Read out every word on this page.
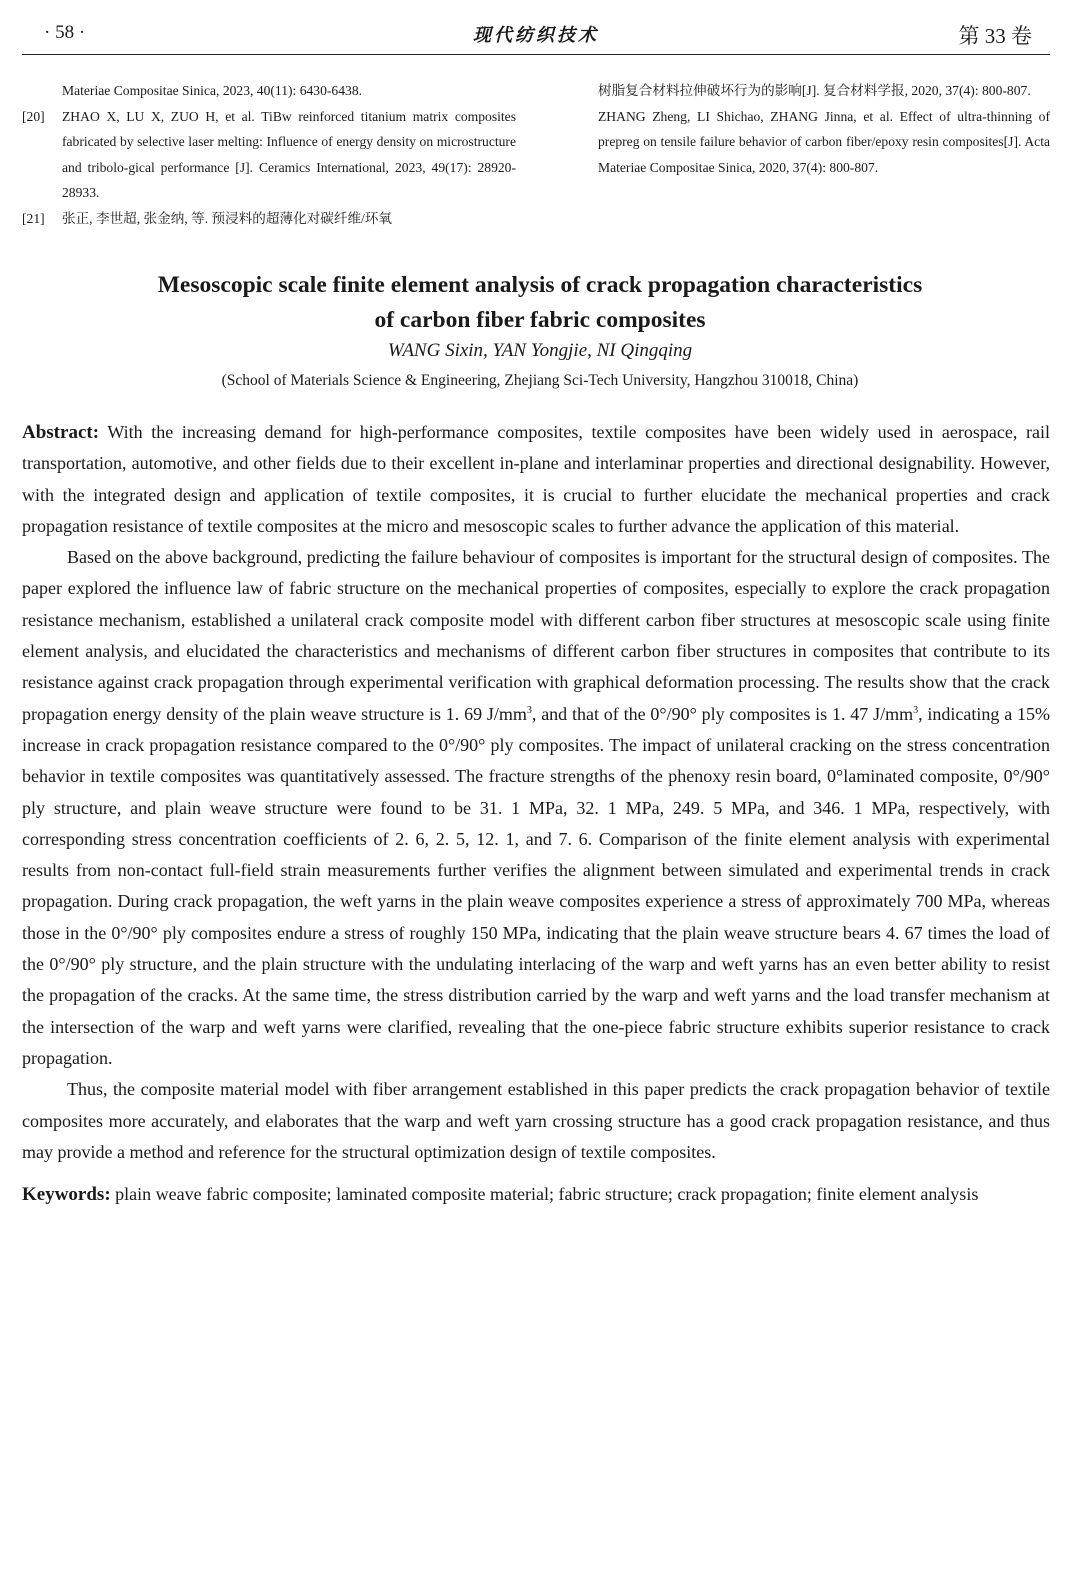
· 58 ·	现代纺织技术	第 33 卷
Materiae Compositae Sinica, 2023, 40(11): 6430-6438.
[20] ZHAO X, LU X, ZUO H, et al. TiBw reinforced titanium matrix composites fabricated by selective laser melting: Influence of energy density on microstructure and tribolo-gical performance [J]. Ceramics International, 2023, 49(17): 28920-28933.
[21] 张正, 李世超, 张金纳, 等. 预浸料的超薄化对碳纤维/环氧
树脂复合材料拉伸破坏行为的影响[J]. 复合材料学报, 2020, 37(4): 800-807.
ZHANG Zheng, LI Shichao, ZHANG Jinna, et al. Effect of ultra-thinning of prepreg on tensile failure behavior of carbon fiber/epoxy resin composites[J]. Acta Materiae Compositae Sinica, 2020, 37(4): 800-807.
Mesoscopic scale finite element analysis of crack propagation characteristics
of carbon fiber fabric composites
WANG Sixin, YAN Yongjie, NI Qingqing
(School of Materials Science & Engineering, Zhejiang Sci-Tech University, Hangzhou 310018, China)

Abstract: With the increasing demand for high-performance composites, textile composites have been widely used in aerospace, rail transportation, automotive, and other fields due to their excellent in-plane and interlaminar properties and directional designability. However, with the integrated design and application of textile composites, it is crucial to further elucidate the mechanical properties and crack propagation resistance of textile composites at the micro and mesoscopic scales to further advance the application of this material.

Based on the above background, predicting the failure behaviour of composites is important for the structural design of composites. The paper explored the influence law of fabric structure on the mechanical properties of composites, especially to explore the crack propagation resistance mechanism, established a unilateral crack composite model with different carbon fiber structures at mesoscopic scale using finite element analysis, and elucidated the characteristics and mechanisms of different carbon fiber structures in composites that contribute to its resistance against crack propagation through experimental verification with graphical deformation processing. The results show that the crack propagation energy density of the plain weave structure is 1. 69 $J/mm^3$, and that of the 0°/90° ply composites is 1. 47 $J/mm^3$, indicating a 15% increase in crack propagation resistance compared to the 0°/90° ply composites. The impact of unilateral cracking on the stress concentration behavior in textile composites was quantitatively assessed. The fracture strengths of the phenoxy resin board, 0°laminated composite, 0°/90° ply structure, and plain weave structure were found to be 31. 1 MPa, 32. 1 MPa, 249. 5 MPa, and 346. 1 MPa, respectively, with corresponding stress concentration coefficients of 2. 6, 2. 5, 12. 1, and 7. 6. Comparison of the finite element analysis with experimental results from non-contact full-field strain measurements further verifies the alignment between simulated and experimental trends in crack propagation. During crack propagation, the weft yarns in the plain weave composites experience a stress of approximately 700 MPa, whereas those in the 0°/90° ply composites endure a stress of roughly 150 MPa, indicating that the plain weave structure bears 4. 67 times the load of the 0°/90° ply structure, and the plain structure with the undulating interlacing of the warp and weft yarns has an even better ability to resist the propagation of the cracks. At the same time, the stress distribution carried by the warp and weft yarns and the load transfer mechanism at the intersection of the warp and weft yarns were clarified, revealing that the one-piece fabric structure exhibits superior resistance to crack propagation.

Thus, the composite material model with fiber arrangement established in this paper predicts the crack propagation behavior of textile composites more accurately, and elaborates that the warp and weft yarn crossing structure has a good crack propagation resistance, and thus may provide a method and reference for the structural optimization design of textile composites.

Keywords: plain weave fabric composite; laminated composite material; fabric structure; crack propagation; finite element analysis
